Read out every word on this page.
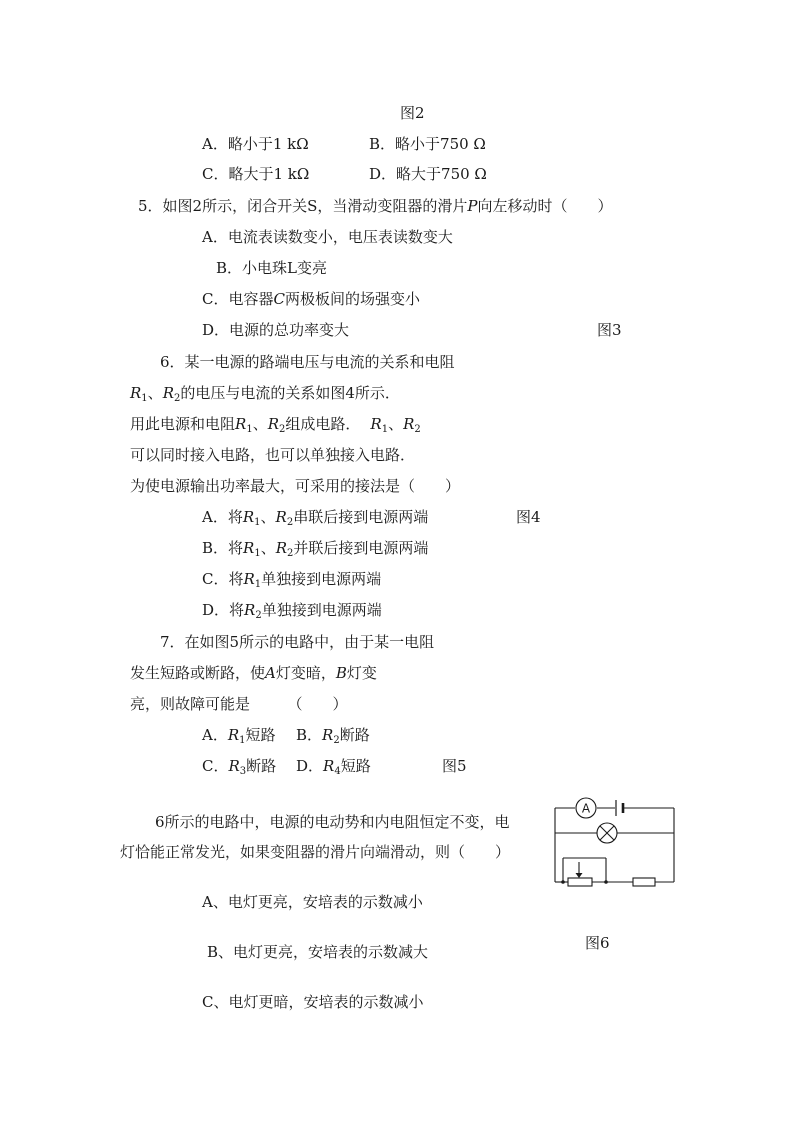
图2
A．略小于1 kΩ	B．略小于750 Ω
C．略大于1 kΩ	D．略大于750 Ω
5．如图2所示，闭合开关S，当滑动变阻器的滑片P向左移动时（　　）
A．电流表读数变小，电压表读数变大
B．小电珠L变亮
C．电容器C两极板间的场强变小
D．电源的总功率变大	图3
6．某一电源的路端电压与电流的关系和电阻
$R_1$、$R_2$的电压与电流的关系如图4所示．
用此电源和电阻$R_1$、$R_2$组成电路． $R_1$、$R_2$
可以同时接入电路，也可以单独接入电路．
为使电源输出功率最大，可采用的接法是（　　）
A．将$R_1$、$R_2$串联后接到电源两端	图4
B．将$R_1$、$R_2$并联后接到电源两端
C．将$R_1$单独接到电源两端
D．将$R_2$单独接到电源两端
7．在如图5所示的电路中，由于某一电阻
发生短路或断路，使A灯变暗，B灯变
亮，则故障可能是　　　（　　）
A．$R_1$短路 B．$R_2$断路
C．$R_3$断路 D．$R_4$短路	图5
6所示的电路中，电源的电动势和内电阻恒定不变，电
灯恰能正常发光，如果变阻器的滑片向端滑动，则（　　）
A、电灯更亮，安培表的示数减小
B、电灯更亮，安培表的示数减大
C、电灯更暗，安培表的示数减小
图6
A
